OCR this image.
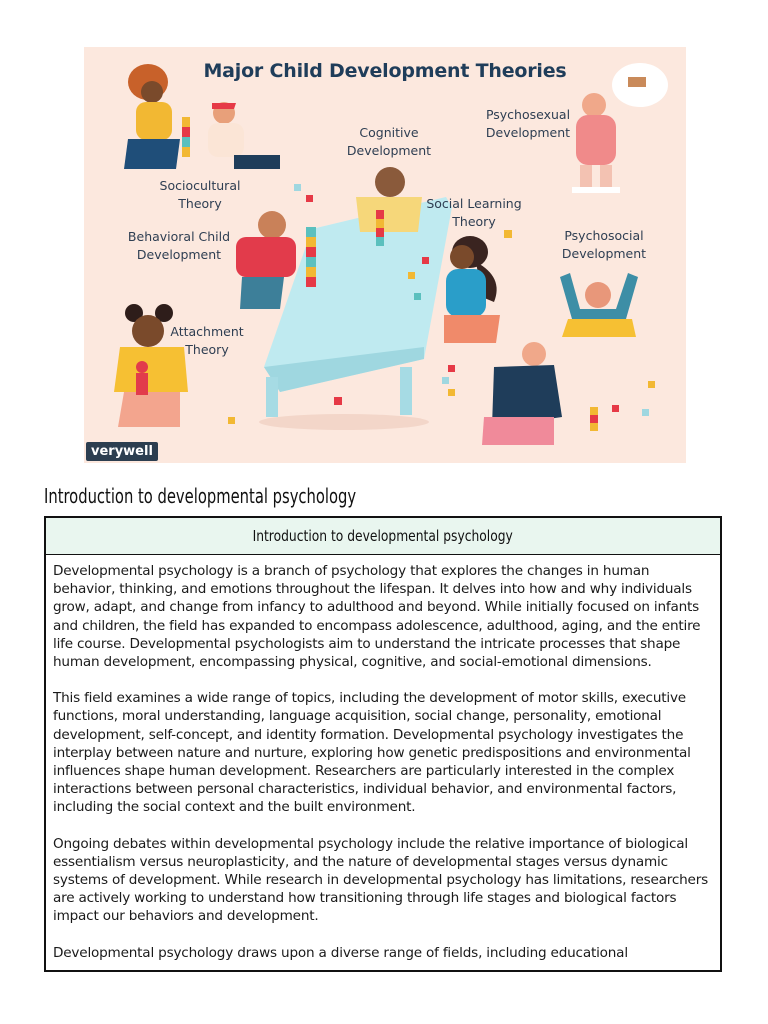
Major Child Development Theories
Sociocultural Theory
Cognitive
Development
Psychosexual
Development
Social Learning
Theory
Behavioral Child
Development
Psychosocial
Development
Attachment
Theory
verywell
Introduction to developmental psychology
Introduction to developmental psychology

Developmental psychology is a branch of psychology that explores the changes in human behavior, thinking, and emotions throughout the lifespan. It delves into how and why individuals grow, adapt, and change from infancy to adulthood and beyond. While initially focused on infants and children, the field has expanded to encompass adolescence, adulthood, aging, and the entire life course. Developmental psychologists aim to understand the intricate processes that shape human development, encompassing physical, cognitive, and social-emotional dimensions.

This field examines a wide range of topics, including the development of motor skills, executive functions, moral understanding, language acquisition, social change, personality, emotional development, self-concept, and identity formation. Developmental psychology investigates the interplay between nature and nurture, exploring how genetic predispositions and environmental influences shape human development. Researchers are particularly interested in the complex interactions between personal characteristics, individual behavior, and environmental factors, including the social context and the built environment.

Ongoing debates within developmental psychology include the relative importance of biological essentialism versus neuroplasticity, and the nature of developmental stages versus dynamic systems of development. While research in developmental psychology has limitations, researchers are actively working to understand how transitioning through life stages and biological factors impact our behaviors and development.

Developmental psychology draws upon a diverse range of fields, including educational
